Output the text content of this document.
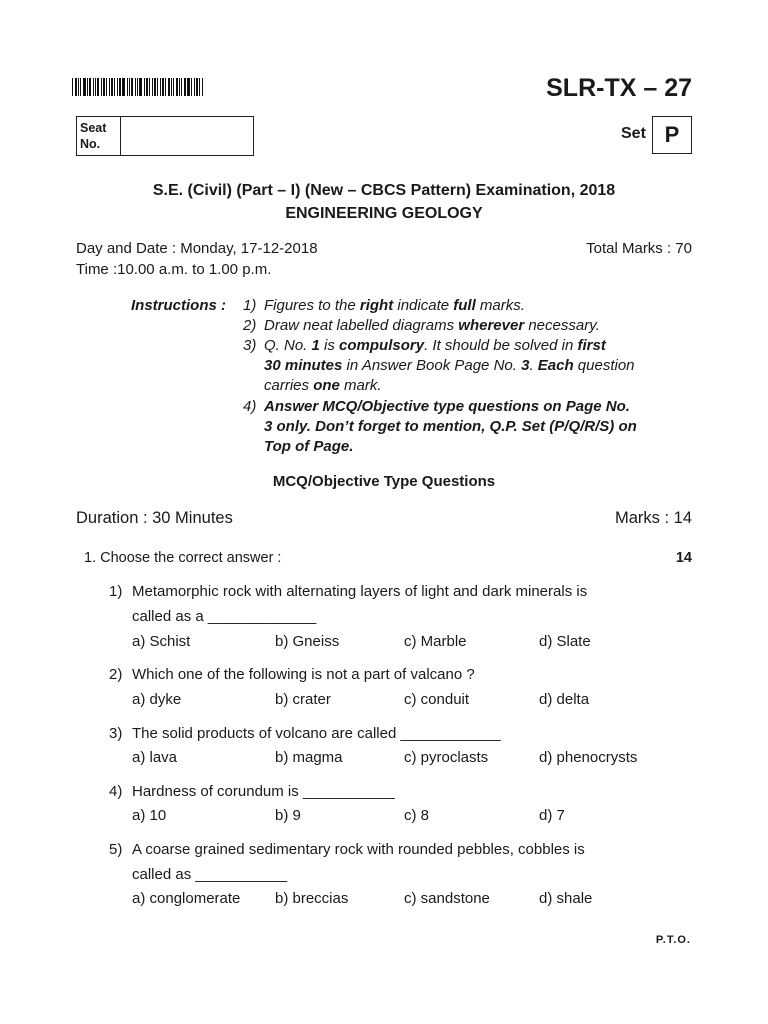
SLR-TX – 27
Seat
No.
Set P
S.E. (Civil) (Part – I) (New – CBCS Pattern) Examination, 2018
ENGINEERING GEOLOGY
Day and Date : Monday, 17-12-2018	Total Marks : 70
Time :10.00 a.m. to 1.00 p.m.
Instructions : 1) Figures to the right indicate full marks.
2) Draw neat labelled diagrams wherever necessary.
3) Q. No. 1 is compulsory. It should be solved in first
30 minutes in Answer Book Page No. 3. Each question
carries one mark.
4) Answer MCQ/Objective type questions on Page No.
3 only. Don’t forget to mention, Q.P. Set (P/Q/R/S) on
Top of Page.
MCQ/Objective Type Questions
Duration : 30 Minutes	Marks : 14
1. Choose the correct answer :	14
1) Metamorphic rock with alternating layers of light and dark minerals is
called as a _____________
a) Schist	b) Gneiss	c) Marble	d) Slate
2) Which one of the following is not a part of valcano ?
a) dyke	b) crater	c) conduit	d) delta
3) The solid products of volcano are called ____________
a) lava	b) magma	c) pyroclasts	d) phenocrysts
4) Hardness of corundum is ___________
a) 10	b) 9	c) 8	d) 7
5) A coarse grained sedimentary rock with rounded pebbles, cobbles is
called as ___________
a) conglomerate b) breccias	c) sandstone	d) shale
P.T.O.
